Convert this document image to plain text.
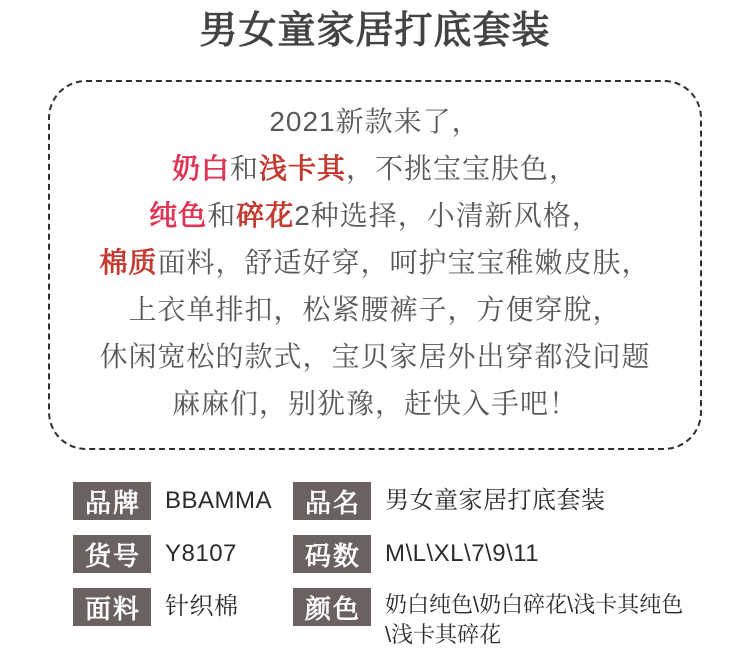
男女童家居打底套装
2021新款来了，
奶白和浅卡其，不挑宝宝肤色，
纯色和碎花2种选择，小清新风格，
棉质面料，舒适好穿，呵护宝宝稚嫩皮肤，
上衣单排扣，松紧腰裤子，方便穿脫，
休闲宽松的款式，宝贝家居外出穿都没问题
麻麻们，别犹豫，赶快入手吧！
品牌	BBAMMA	品名	男女童家居打底套装
货号	Y8107	码数	M\L\XL\7\9\11
面料	针织棉	颜色	奶白纯色\奶白碎花\浅卡其纯色\浅卡其碎花
